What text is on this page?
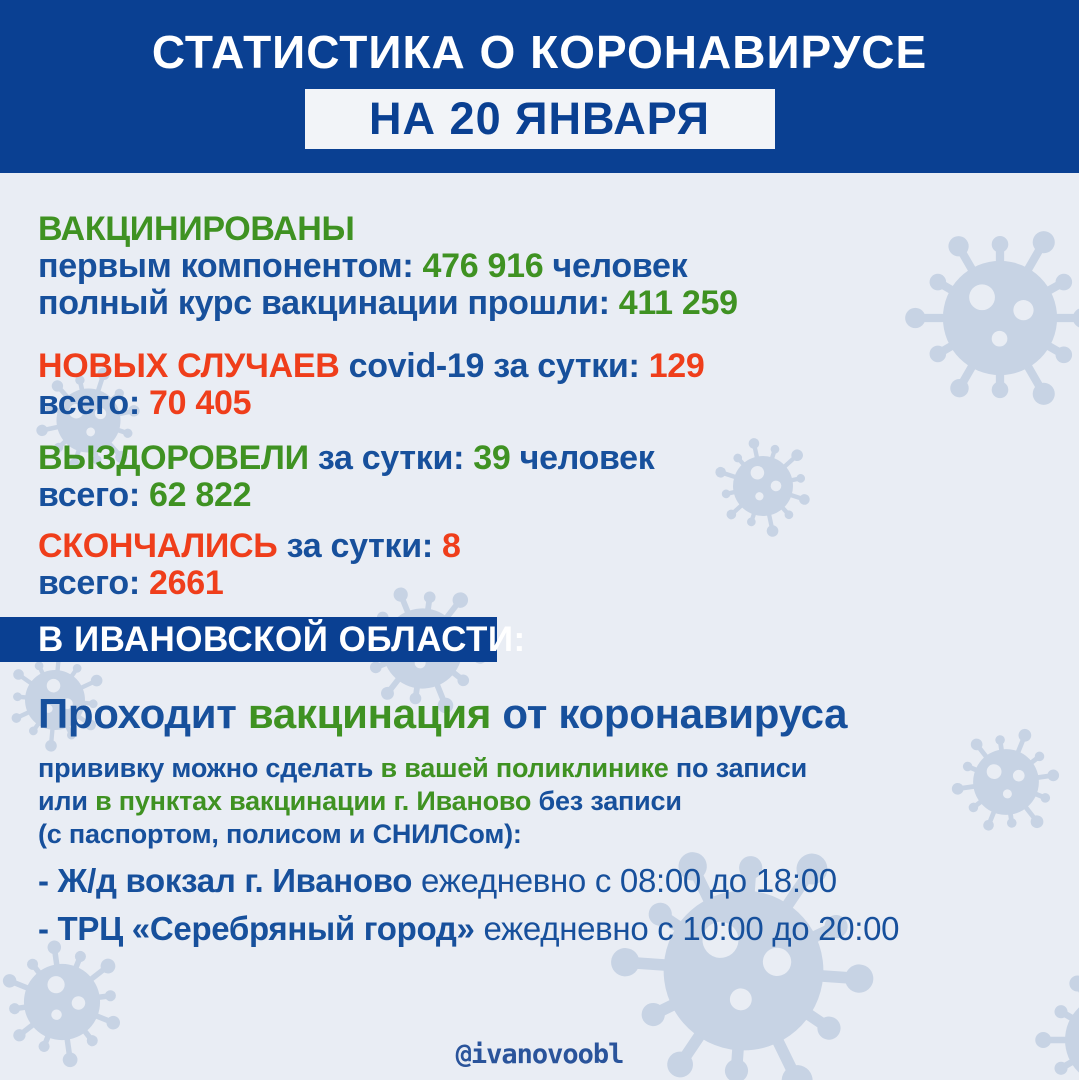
СТАТИСТИКА О КОРОНАВИРУСЕ
НА 20 ЯНВАРЯ
ВАКЦИНИРОВАНЫ
первым компонентом: 476 916 человек
полный курс вакцинации прошли: 411 259
НОВЫХ СЛУЧАЕВ covid-19 за сутки: 129
всего: 70 405
ВЫЗДОРОВЕЛИ за сутки: 39 человек
всего: 62 822
СКОНЧАЛИСЬ за сутки: 8
всего: 2661
В ИВАНОВСКОЙ ОБЛАСТИ:
Проходит вакцинация от коронавируса
прививку можно сделать в вашей поликлинике по записи
или в пунктах вакцинации г. Иваново без записи
(с паспортом, полисом и СНИЛСом):
- Ж/д вокзал г. Иваново ежедневно с 08:00 до 18:00
- ТРЦ «Серебряный город» ежедневно с 10:00 до 20:00
@ivanovoobl
